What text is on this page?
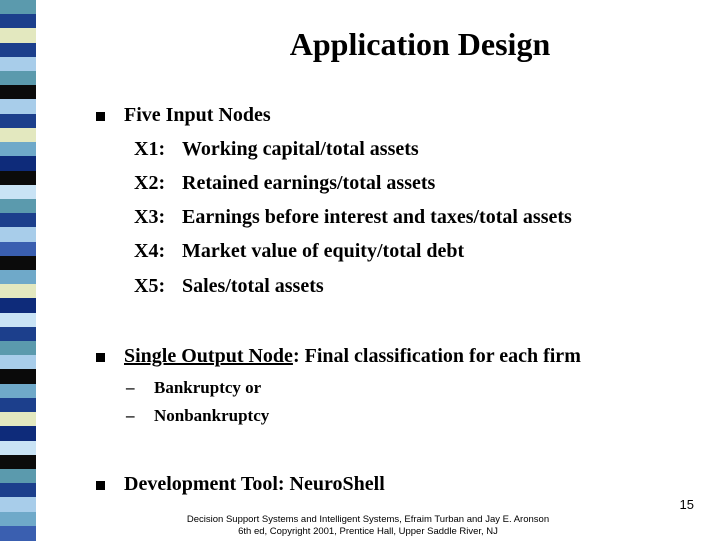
Application Design
Five Input Nodes
X1: Working capital/total assets
X2: Retained earnings/total assets
X3: Earnings before interest and taxes/total assets
X4: Market value of equity/total debt
X5: Sales/total assets
Single Output Node: Final classification for each firm
– Bankruptcy or
– Nonbankruptcy
Development Tool: NeuroShell
15
Decision Support Systems and Intelligent Systems, Efraim Turban and Jay E. Aronson
6th ed, Copyright 2001, Prentice Hall, Upper Saddle River, NJ
